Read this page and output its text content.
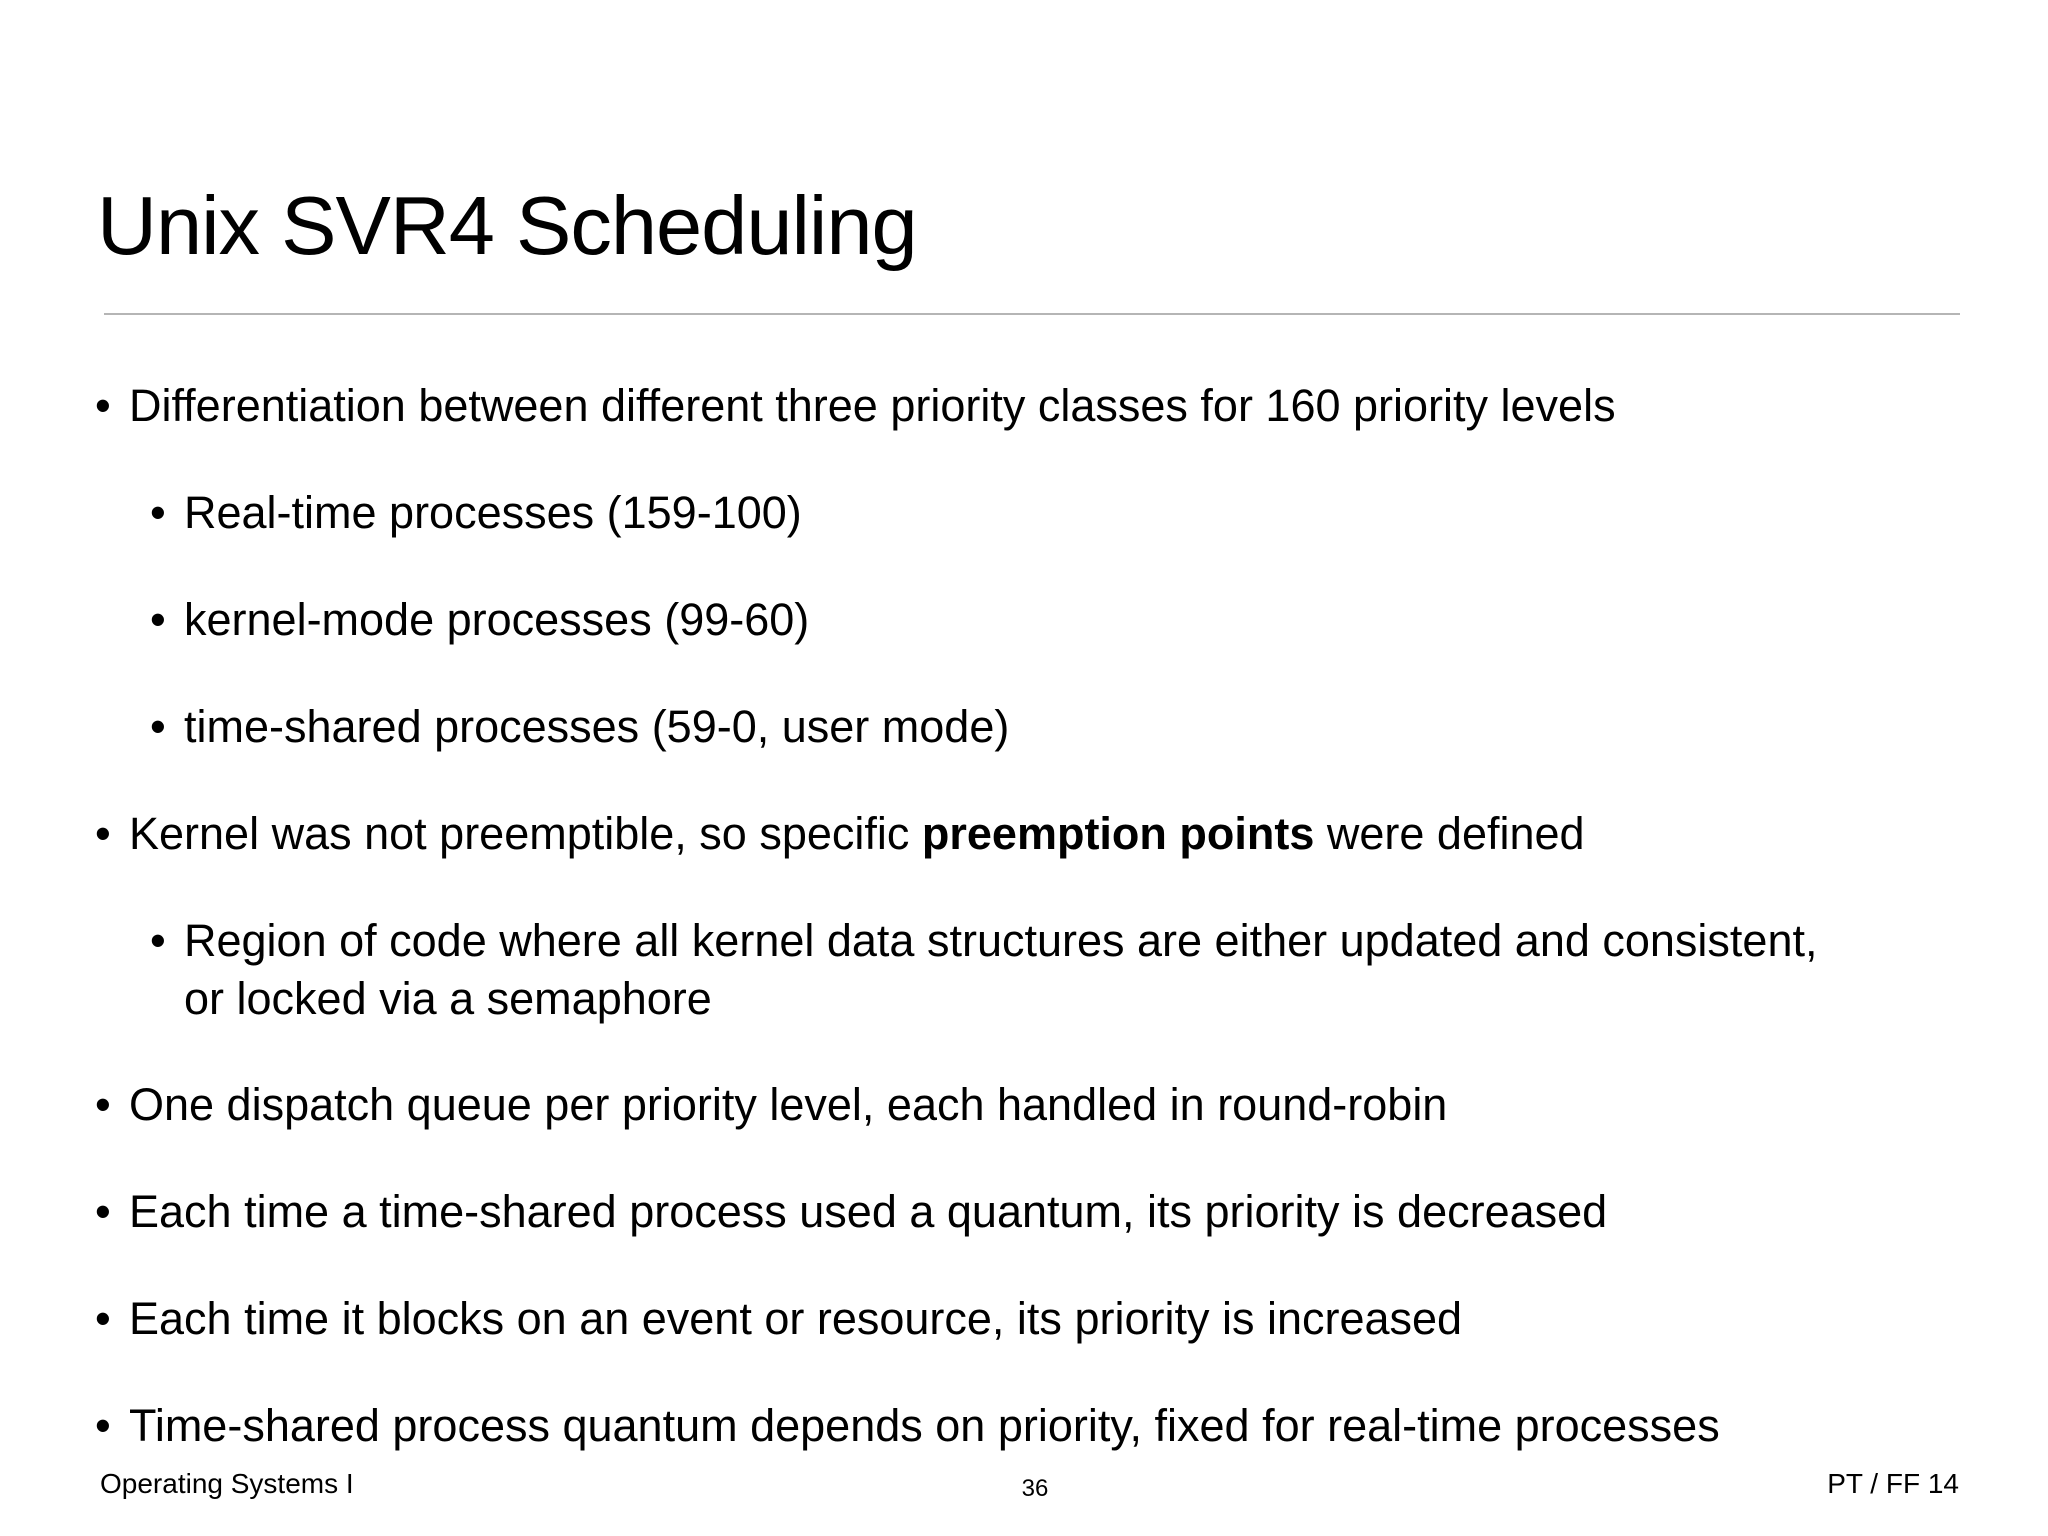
Unix SVR4 Scheduling
• Differentiation between different three priority classes for 160 priority levels
• Real-time processes (159-100)
• kernel-mode processes (99-60)
• time-shared processes (59-0, user mode)
• Kernel was not preemptible, so specific preemption points were defined
• Region of code where all kernel data structures are either updated and consistent,
or locked via a semaphore
• One dispatch queue per priority level, each handled in round-robin
• Each time a time-shared process used a quantum, its priority is decreased
• Each time it blocks on an event or resource, its priority is increased
• Time-shared process quantum depends on priority, fixed for real-time processes
Operating Systems I	36	PT / FF 14
